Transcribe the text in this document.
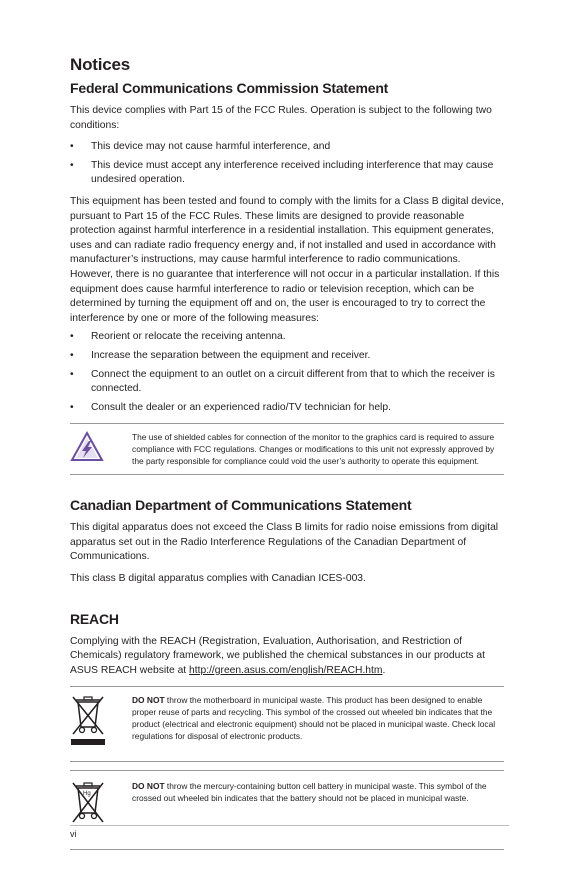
Notices
Federal Communications Commission Statement

This device complies with Part 15 of the FCC Rules. Operation is subject to the following two conditions:

• This device may not cause harmful interference, and
• This device must accept any interference received including interference that may cause undesired operation.

This equipment has been tested and found to comply with the limits for a Class B digital device, pursuant to Part 15 of the FCC Rules. These limits are designed to provide reasonable protection against harmful interference in a residential installation. This equipment generates, uses and can radiate radio frequency energy and, if not installed and used in accordance with manufacturer’s instructions, may cause harmful interference to radio communications. However, there is no guarantee that interference will not occur in a particular installation. If this equipment does cause harmful interference to radio or television reception, which can be determined by turning the equipment off and on, the user is encouraged to try to correct the interference by one or more of the following measures:

• Reorient or relocate the receiving antenna.
• Increase the separation between the equipment and receiver.
• Connect the equipment to an outlet on a circuit different from that to which the receiver is connected.
• Consult the dealer or an experienced radio/TV technician for help.
The use of shielded cables for connection of the monitor to the graphics card is required to assure compliance with FCC regulations. Changes or modifications to this unit not expressly approved by the party responsible for compliance could void the user’s authority to operate this equipment.
Canadian Department of Communications Statement

This digital apparatus does not exceed the Class B limits for radio noise emissions from digital apparatus set out in the Radio Interference Regulations of the Canadian Department of Communications.

This class B digital apparatus complies with Canadian ICES-003.

REACH

Complying with the REACH (Registration, Evaluation, Authorisation, and Restriction of Chemicals) regulatory framework, we published the chemical substances in our products at ASUS REACH website at http://green.asus.com/english/REACH.htm.

DO NOT throw the motherboard in municipal waste. This product has been designed to enable proper reuse of parts and recycling. This symbol of the crossed out wheeled bin indicates that the product (electrical and electronic equipment) should not be placed in municipal waste. Check local regulations for disposal of electronic products.
Hg
DO NOT throw the mercury-containing button cell battery in municipal waste. This symbol of the crossed out wheeled bin indicates that the battery should not be placed in municipal waste.
vi
